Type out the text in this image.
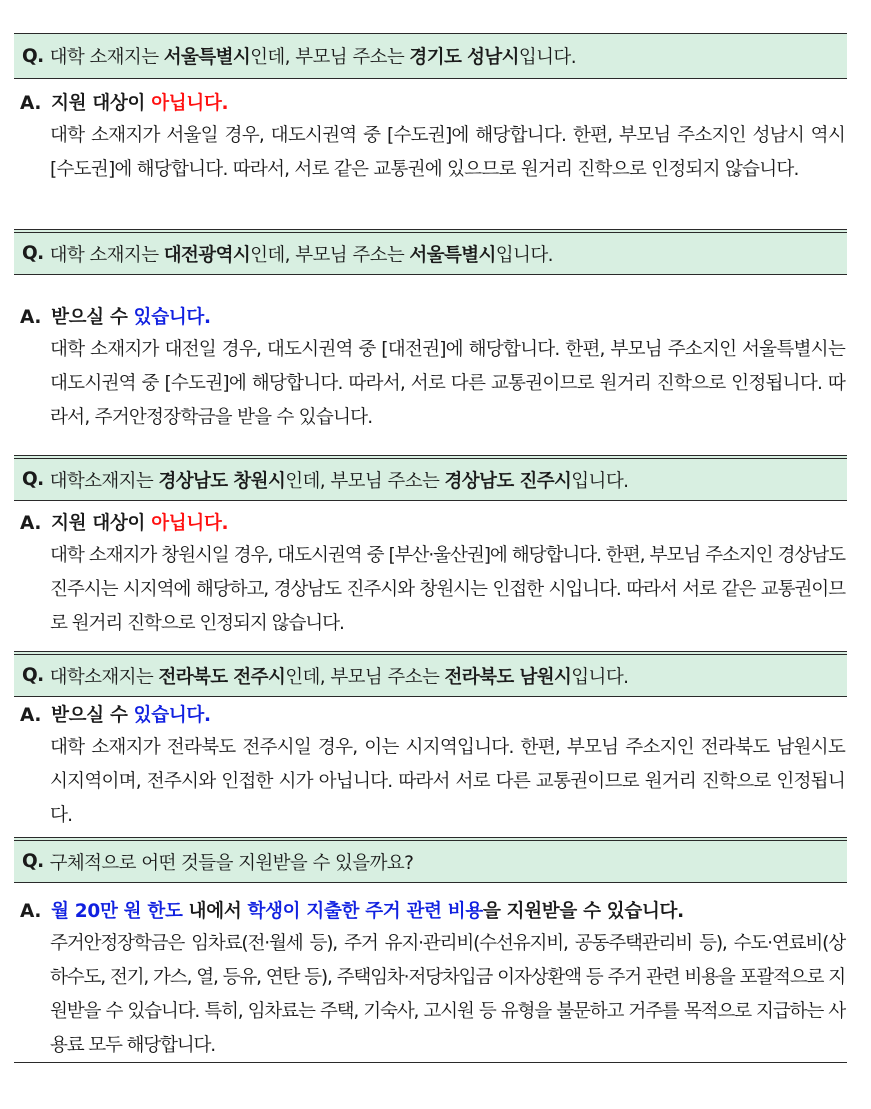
Q. 대학 소재지는 서울특별시인데, 부모님 주소는 경기도 성남시입니다.
A. 지원 대상이 아닙니다.

대학 소재지가 서울일 경우, 대도시권역 중 [수도권]에 해당합니다. 한편, 부모님 주소지인 성남시 역시 [수도권]에 해당합니다. 따라서, 서로 같은 교통권에 있으므로 원거리 진학으로 인정되지 않습니다.

Q. 대학 소재지는 대전광역시인데, 부모님 주소는 서울특별시입니다.
A. 받으실 수 있습니다.

대학 소재지가 대전일 경우, 대도시권역 중 [대전권]에 해당합니다. 한편, 부모님 주소지인 서울특별시는 대도시권역 중 [수도권]에 해당합니다. 따라서, 서로 다른 교통권이므로 원거리 진학으로 인정됩니다. 따라서, 주거안정장학금을 받을 수 있습니다.

Q. 대학소재지는 경상남도 창원시인데, 부모님 주소는 경상남도 진주시입니다.
A. 지원 대상이 아닙니다.

대학 소재지가 창원시일 경우, 대도시권역 중 [부산·울산권]에 해당합니다. 한편, 부모님 주소지인 경상남도 진주시는 시지역에 해당하고, 경상남도 진주시와 창원시는 인접한 시입니다. 따라서 서로 같은 교통권이므로 원거리 진학으로 인정되지 않습니다.

Q. 대학소재지는 전라북도 전주시인데, 부모님 주소는 전라북도 남원시입니다.
A. 받으실 수 있습니다.

대학 소재지가 전라북도 전주시일 경우, 이는 시지역입니다. 한편, 부모님 주소지인 전라북도 남원시도 시지역이며, 전주시와 인접한 시가 아닙니다. 따라서 서로 다른 교통권이므로 원거리 진학으로 인정됩니다.

Q. 구체적으로 어떤 것들을 지원받을 수 있을까요?
A. 월 20만 원 한도 내에서 학생이 지출한 주거 관련 비용을 지원받을 수 있습니다.

주거안정장학금은 임차료(전·월세 등), 주거 유지·관리비(수선유지비, 공동주택관리비 등), 수도·연료비(상하수도, 전기, 가스, 열, 등유, 연탄 등), 주택임차·저당차입금 이자상환액 등 주거 관련 비용을 포괄적으로 지원받을 수 있습니다. 특히, 임차료는 주택, 기숙사, 고시원 등 유형을 불문하고 거주를 목적으로 지급하는 사용료 모두 해당합니다.
